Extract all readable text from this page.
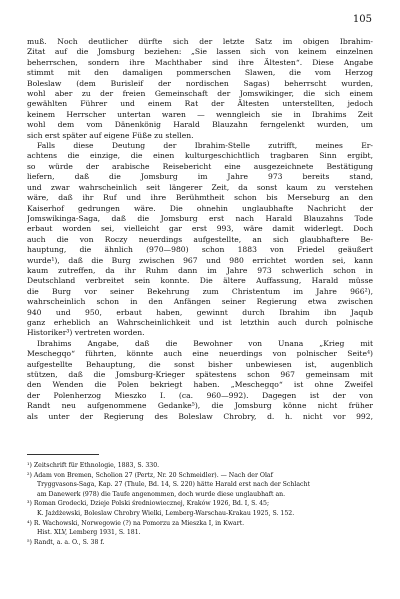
105
muß. Noch deutlicher dürfte sich der letzte Satz im obigen Ibrahim-
Zitat auf die Jomsburg beziehen: „Sie lassen sich von keinem einzelnen
beherrschen, sondern ihre Machthaber sind ihre Ältesten“. Diese Angabe
stimmt mit den damaligen pommerschen Slawen, die vom Herzog
Boleslaw (dem Burisleif der nordischen Sagas) beherrscht wurden,
wohl aber zu der freien Gemeinschaft der Jomswikinger, die sich einem
gewählten Führer und einem Rat der Ältesten unterstellten, jedoch
keinem Herrscher untertan waren — wenngleich sie in Ibrahims Zeit
wohl dem vom Dänenkönig Harald Blauzahn ferngelenkt wurden, um
sich erst später auf eigene Füße zu stellen.
Falls diese Deutung der Ibrahim-Stelle zutrifft, meines Er-
achtens die einzige, die einen kulturgeschichtlich tragbaren Sinn ergibt,
so würde der arabische Reisebericht eine ausgezeichnete Bestätigung
liefern, daß die Jomsburg im Jahre 973 bereits stand,
und zwar wahrscheinlich seit längerer Zeit, da sonst kaum zu verstehen
wäre, daß ihr Ruf und ihre Berühmtheit schon bis Merseburg an den
Kaiserhof gedrungen wäre. Die ohnehin unglaubhafte Nachricht der
Jomswikinga-Saga, daß die Jomsburg erst nach Harald Blauzahns Tode
erbaut worden sei, vielleicht gar erst 993, wäre damit widerlegt. Doch
auch die von Roczy neuerdings aufgestellte, an sich glaubhaftere Be-
hauptung, die ähnlich (970—980) schon 1883 von Friedel geäußert
wurde¹), daß die Burg zwischen 967 und 980 errichtet worden sei, kann
kaum zutreffen, da ihr Ruhm dann im Jahre 973 schwerlich schon in
Deutschland verbreitet sein konnte. Die ältere Auffassung, Harald müsse
die Burg vor seiner Bekehrung zum Christentum im Jahre 966²),
wahrscheinlich schon in den Anfängen seiner Regierung etwa zwischen
940 und 950, erbaut haben, gewinnt durch Ibrahim ibn Jaqub
ganz erheblich an Wahrscheinlichkeit und ist letzthin auch durch polnische
Historiker³) vertreten worden.
Ibrahims Angabe, daß die Bewohner von Unana „Krieg mit
Meschegqo“ führten, könnte auch eine neuerdings von polnischer Seite⁴)
aufgestellte Behauptung, die sonst bisher unbewiesen ist, augenblich
stützen, daß die Jomsburg-Krieger spätestens schon 967 gemeinsam mit
den Wenden die Polen bekriegt haben. „Meschegqo“ ist ohne Zweifel
der Polenherzog Mieszko I. (ca. 960—992). Dagegen ist der von
Randt neu aufgenommene Gedanke⁵), die Jomsburg könne nicht früher
als unter der Regierung des Boleslaw Chrobry, d. h. nicht vor 992,
¹) Zeitschrift für Ethnologie, 1883, S. 330.
²) Adam von Bremen, Scholion 27 (Pertz, Nr. 20 Schmeidler). — Nach der Olaf
Tryggvasons-Saga, Kap. 27 (Thule, Bd. 14, S. 220) hätte Harald erst nach der Schlacht
am Danewerk (978) die Taufe angenommen, doch wurde diese unglaubhaft an.
³) Roman Grodecki, Dzieje Polski średniowiecznej, Kraków 1926, Bd. I, S. 45;
K. Jażdżewski, Boleslaw Chrobry Wielki, Lemberg-Warschau-Krakau 1925, S. 152.
⁴) R. Wachowski, Norwegowie (?) na Pomorzu za Mieszka I, in Kwart.
Hist. XLV, Lemberg 1931, S. 181.
⁵) Randt, a. a. O., S. 38 f.
